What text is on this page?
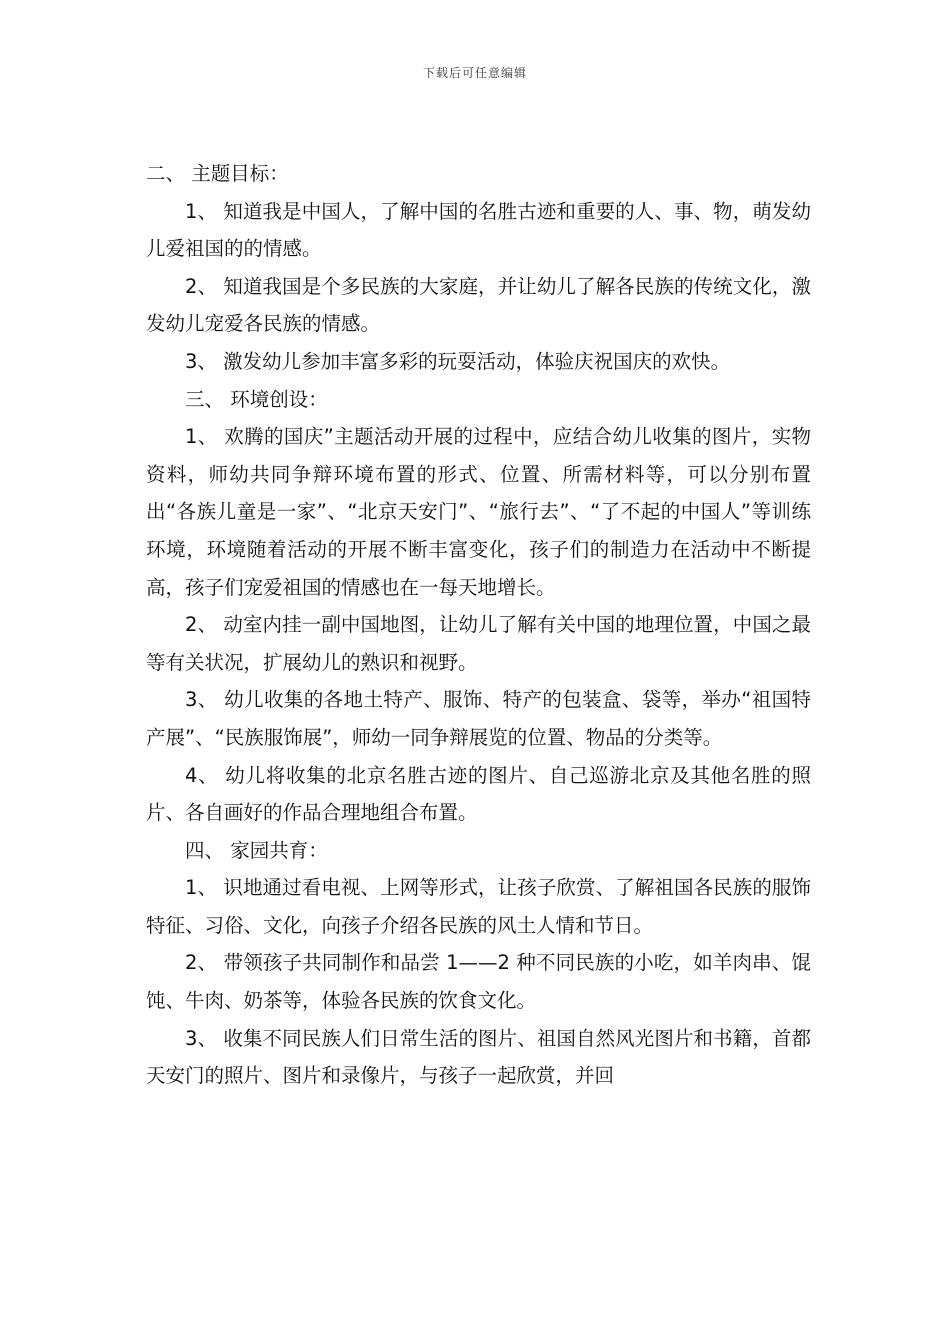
下载后可任意编辑

二、 主题目标：

1、 知道我是中国人，了解中国的名胜古迹和重要的人、事、物，萌发幼儿爱祖国的的情感。

2、 知道我国是个多民族的大家庭，并让幼儿了解各民族的传统文化，激发幼儿宠爱各民族的情感。

3、 激发幼儿参加丰富多彩的玩耍活动，体验庆祝国庆的欢快。

三、 环境创设：

1、 欢腾的国庆”主题活动开展的过程中，应结合幼儿收集的图片，实物资料，师幼共同争辩环境布置的形式、位置、所需材料等，可以分别布置出“各族儿童是一家”、“北京天安门”、“旅行去”、“了不起的中国人”等训练环境，环境随着活动的开展不断丰富变化，孩子们的制造力在活动中不断提高，孩子们宠爱祖国的情感也在一每天地增长。

2、 动室内挂一副中国地图，让幼儿了解有关中国的地理位置，中国之最等有关状况，扩展幼儿的熟识和视野。

3、 幼儿收集的各地土特产、服饰、特产的包装盒、袋等，举办“祖国特产展”、“民族服饰展”，师幼一同争辩展览的位置、物品的分类等。

4、 幼儿将收集的北京名胜古迹的图片、自己巡游北京及其他名胜的照片、各自画好的作品合理地组合布置。

四、 家园共育：

1、 识地通过看电视、上网等形式，让孩子欣赏、了解祖国各民族的服饰特征、习俗、文化，向孩子介绍各民族的风土人情和节日。

2、 带领孩子共同制作和品尝 1——2 种不同民族的小吃，如羊肉串、馄饨、牛肉、奶茶等，体验各民族的饮食文化。

3、 收集不同民族人们日常生活的图片、祖国自然风光图片和书籍，首都天安门的照片、图片和录像片，与孩子一起欣赏，并回
